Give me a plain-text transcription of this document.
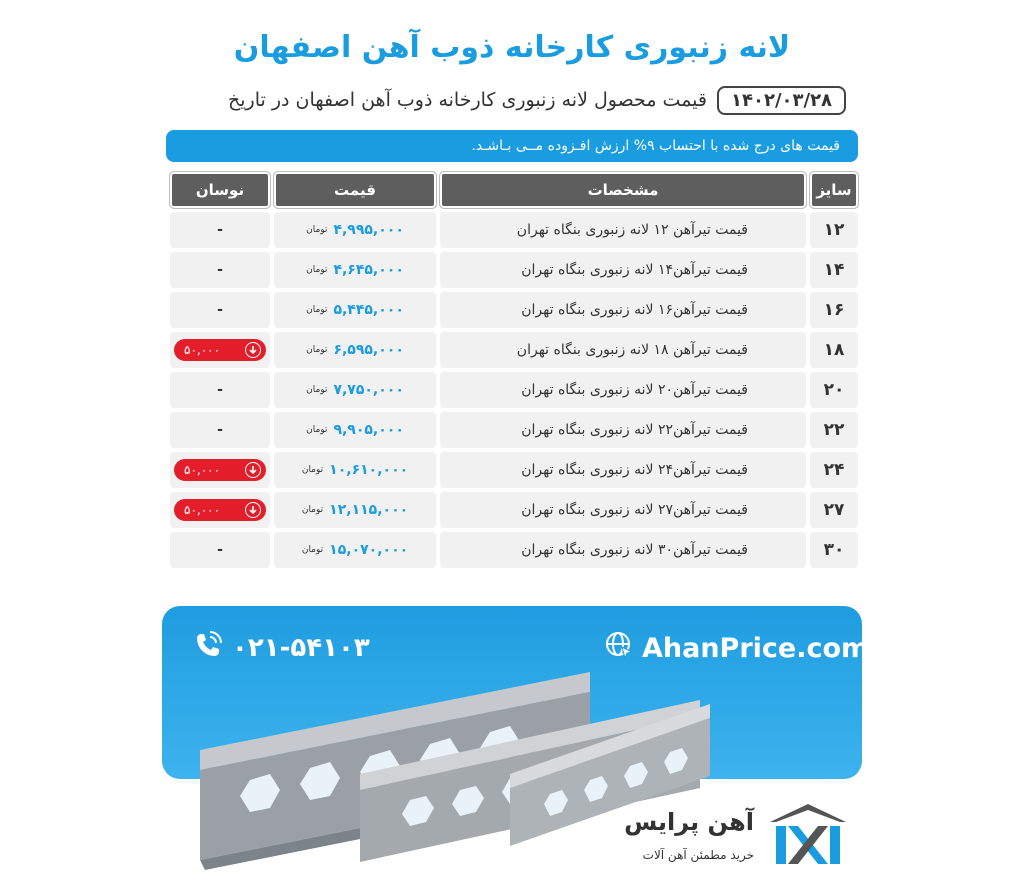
لانه زنبوری کارخانه ذوب آهن اصفهان
قیمت محصول لانه زنبوری کارخانه ذوب آهن اصفهان در تاریخ	۱۴۰۲/۰۳/۲۸
قیمت های درج شده با احتساب ۹% ارزش افـزوده مــی بـاشـد.
سایز
مشخصات
قیمت
نوسان
۱۲
قیمت تیرآهن ۱۲ لانه زنبوری بنگاه تهران
تومان ۴,۹۹۵,۰۰۰
-
۱۴
قیمت تیرآهن۱۴ لانه زنبوری بنگاه تهران
تومان ۴,۶۴۵,۰۰۰
-
۱۶
قیمت تیرآهن۱۶ لانه زنبوری بنگاه تهران
تومان ۵,۴۴۵,۰۰۰
-
۱۸
قیمت تیرآهن ۱۸ لانه زنبوری بنگاه تهران
تومان ۶,۵۹۵,۰۰۰
۵۰,۰۰۰
۲۰
قیمت تیرآهن۲۰ لانه زنبوری بنگاه تهران
تومان ۷,۷۵۰,۰۰۰
-
۲۲
قیمت تیرآهن۲۲ لانه زنبوری بنگاه تهران
تومان ۹,۹۰۵,۰۰۰
-
۲۴
قیمت تیرآهن۲۴ لانه زنبوری بنگاه تهران
تومان ۱۰,۶۱۰,۰۰۰
۵۰,۰۰۰
۲۷
قیمت تیرآهن۲۷ لانه زنبوری بنگاه تهران
تومان ۱۲,۱۱۵,۰۰۰
۵۰,۰۰۰
۳۰
قیمت تیرآهن۳۰ لانه زنبوری بنگاه تهران
تومان ۱۵,۰۷۰,۰۰۰
-
۰۲۱-۵۴۱۰۳	AhanPrice.com
آهن پرایس
خرید مطمئن آهن آلات
